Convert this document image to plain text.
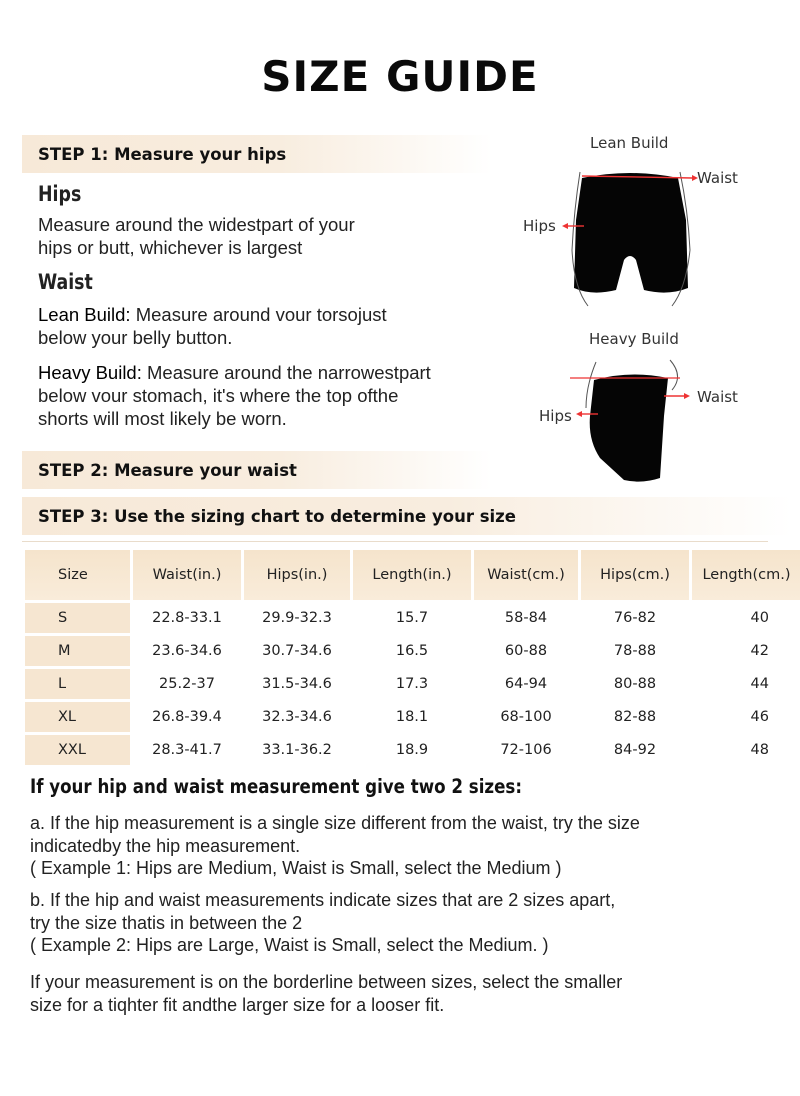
SIZE GUIDE
STEP 1: Measure your hips
Hips
Measure around the widestpart of your
hips or butt, whichever is largest
Waist
Lean Build: Measure around vour torsojust
below your belly button.
Heavy Build: Measure around the narrowestpart
below vour stomach, it's where the top ofthe
shorts will most likely be worn.
Lean Build
Waist
Hips
Heavy Build
Waist
Hips
STEP 2: Measure your waist
STEP 3: Use the sizing chart to determine your size
Size	Waist(in.)	Hips(in.)	Length(in.)	Waist(cm.)	Hips(cm.)	Length(cm.)
S	22.8-33.1	29.9-32.3	15.7	58-84	76-82	40
M	23.6-34.6	30.7-34.6	16.5	60-88	78-88	42
L	25.2-37	31.5-34.6	17.3	64-94	80-88	44
XL	26.8-39.4	32.3-34.6	18.1	68-100	82-88	46
XXL	28.3-41.7	33.1-36.2	18.9	72-106	84-92	48
If your hip and waist measurement give two 2 sizes:
a. If the hip measurement is a single size different from the waist, try the size
indicatedby the hip measurement.
( Example 1: Hips are Medium, Waist is Small, select the Medium )
b. If the hip and waist measurements indicate sizes that are 2 sizes apart,
try the size thatis in between the 2
( Example 2: Hips are Large, Waist is Small, select the Medium. )
If your measurement is on the borderline between sizes, select the smaller
size for a tiqhter fit andthe larger size for a looser fit.
